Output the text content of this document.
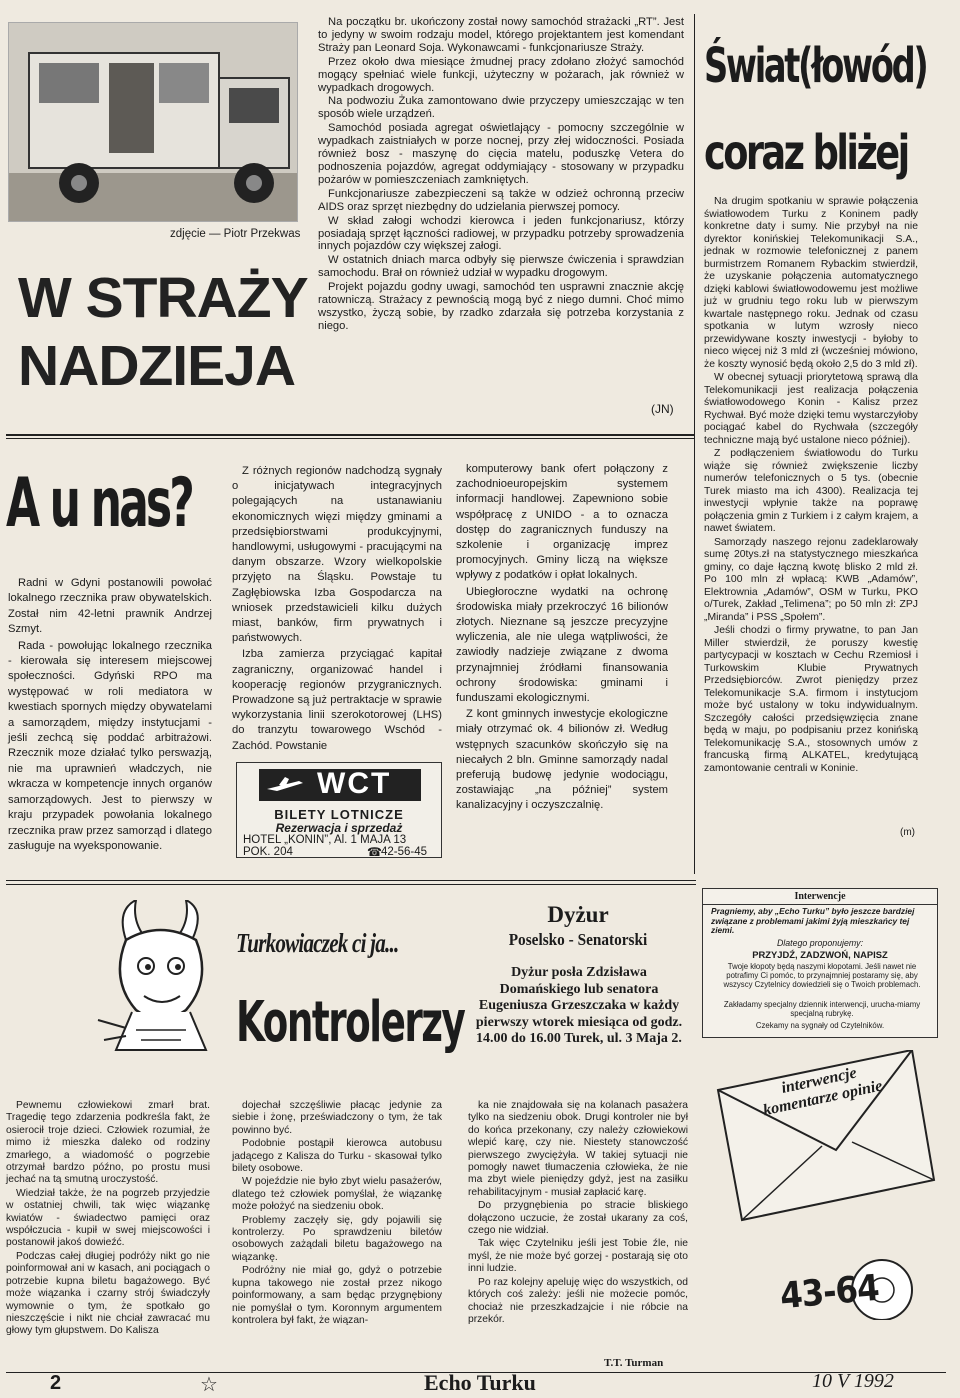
zdjęcie — Piotr Przekwas
W STRAŻY
NADZIEJA

Na początku br. ukończony został nowy samochód strażacki „RT”. Jest to jedyny w swoim rodzaju model, którego projektantem jest komendant Straży pan Leonard Soja. Wykonawcami - funkcjonariusze Straży.

Przez około dwa miesiące żmudnej pracy zdołano złożyć samochód mogący spełniać wiele funkcji, użyteczny w pożarach, jak również w wypadkach drogowych.

Na podwoziu Żuka zamontowano dwie przyczepy umieszczając w ten sposób wiele urządzeń.

Samochód posiada agregat oświetlający - pomocny szczególnie w wypadkach zaistniałych w porze nocnej, przy złej widoczności. Posiada również bosz - maszynę do cięcia matelu, poduszkę Vetera do podnoszenia pojazdów, agregat oddymiający - stosowany w przypadku pożarów w pomieszczeniach zamkniętych.

Funkcjonariusze zabezpieczeni są także w odzież ochronną przeciw AIDS oraz sprzęt niezbędny do udzielania pierwszej pomocy.

W skład załogi wchodzi kierowca i jeden funkcjonariusz, którzy posiadają sprzęt łączności radiowej, w przypadku potrzeby sprowadzenia innych pojazdów czy większej załogi.

W ostatnich dniach marca odbyły się pierwsze ćwiczenia i sprawdzian samochodu. Brał on również udział w wypadku drogowym.

Projekt pojazdu godny uwagi, samochód ten usprawni znacznie akcję ratowniczą. Strażacy z pewnością mogą być z niego dumni. Choć mimo wszystko, życzą sobie, by rzadko zdarzała się potrzeba korzystania z niego.

(JN)
Świat(łowód)
coraz bliżej

Na drugim spotkaniu w sprawie połączenia światłowodem Turku z Koninem padły konkretne daty i sumy. Nie przybył na nie dyrektor konińskiej Telekomunikacji S.A., jednak w rozmowie telefonicznej z panem burmistrzem Romanem Rybackim stwierdził, że uzyskanie połączenia automatycznego dzięki kablowi światłowodowemu jest możliwe już w grudniu tego roku lub w pierwszym kwartale następnego roku. Jednak od czasu spotkania w lutym wzrosły nieco przewidywane koszty inwestycji - byłoby to nieco więcej niż 3 mld zł (wcześniej mówiono, że koszty wynosić będą około 2,5 do 3 mld zł).

W obecnej sytuacji priorytetową sprawą dla Telekomunikacji jest realizacja połączenia światłowodowego Konin - Kalisz przez Rychwał. Być może dzięki temu wystarczyłoby pociągać kabel do Rychwała (szczegóły techniczne mają być ustalone nieco później).

Z podłączeniem światłowodu do Turku wiąże się również zwiększenie liczby numerów telefonicznych o 5 tys. (obecnie Turek miasto ma ich 4300). Realizacja tej inwestycji wpłynie także na poprawę połączenia gmin z Turkiem i z całym krajem, a nawet światem.

Samorządy naszego rejonu zadeklarowały sumę 20tys.zł na statystycznego mieszkańca gminy, co daje łączną kwotę blisko 2 mld zł. Po 100 mln zł wpłacą: KWB „Adamów”, Elektrownia „Adamów”, OSM w Turku, PKO o/Turek, Zakład „Telimena”; po 50 mln zł: ZPJ „Miranda” i PSS „Społem”.

Jeśli chodzi o firmy prywatne, to pan Jan Miller stwierdził, że poruszy kwestię partycypacji w kosztach w Cechu Rzemiosł i Turkowskim Klubie Prywatnych Przedsiębiorców. Zwrot pieniędzy przez Telekomunikacje S.A. firmom i instytucjom może być ustalony w toku indywidualnym. Szczegóły całości przedsięwzięcia znane będą w maju, po podpisaniu przez konińską Telekomunikację S.A., stosownych umów z francuską firmą ALKATEL, kredytującą zamontowanie centrali w Koninie.

(m)
A u nas?

Radni w Gdyni postanowili powołać lokalnego rzecznika praw obywatelskich. Został nim 42-letni prawnik Andrzej Szmyt.

Rada - powołując lokalnego rzecznika - kierowała się interesem miejscowej społeczności. Gdyński RPO ma występować w roli mediatora w kwestiach spornych między obywatelami a samorządem, między instytucjami - jeśli zechcą się poddać arbitrażowi. Rzecznik moze działać tylko perswazją, nie ma uprawnień władczych, nie wkracza w kompetencje innych organów samorządowych. Jest to pierwszy w kraju przypadek powołania lokalnego rzecznika praw przez samorząd i dlatego zasługuje na wyeksponowanie.

Z różnych regionów nadchodzą sygnały o inicjatywach integracyjnych polegających na ustanawianiu ekonomicznych więzi między gminami a przedsiębiorstwami produkcyjnymi, handlowymi, usługowymi - pracującymi na danym obszarze. Wzory wielkopolskie przyjęto na Śląsku. Powstaje tu Zagłębiowska Izba Gospodarcza na wniosek przedstawicieli kilku dużych miast, banków, firm prywatnych i państwowych.

Izba zamierza przyciągać kapitał zagraniczny, organizować handel i kooperację regionów przygranicznych. Prowadzone są już pertraktacje w sprawie wykorzystania linii szerokotorowej (LHS) do tranzytu towarowego Wschód - Zachód. Powstanie

komputerowy bank ofert połączony z zachodnioeuropejskim systemem informacji handlowej. Zapewniono sobie współpracę z UNIDO - a to oznacza dostęp do zagranicznych funduszy na szkolenie i organizację imprez promocyjnych. Gminy liczą na większe wpływy z podatków i opłat lokalnych.

Ubiegłoroczne wydatki na ochronę środowiska miały przekroczyć 16 bilionów złotych. Nieznane są jeszcze precyzyjne wyliczenia, ale nie ulega wątpliwości, że zawiodły nadzieje związane z dwoma przynajmniej źródłami finansowania ochrony środowiska: gminami i funduszami ekologicznymi.

Z kont gminnych inwestycje ekologiczne miały otrzymać ok. 4 bilionów zł. Według wstępnych szacunków skończyło się na niecałych 2 bln. Gminne samorządy nadal preferują budowę jedynie wodociągu, zostawiając „na później” system kanalizacyjny i oczyszczalnię.

WCT
BILETY LOTNICZE
Rezerwacja i sprzedaż
HOTEL „KONIN”, Al. 1 MAJA 13
POK. 204	☎ 42-56-45
Turkowiaczek ci ja...
Kontrolerzy
Dyżur
Poselsko - Senatorski
Dyżur posła Zdzisława Domańskiego lub senatora Eugeniusza Grzeszczaka w każdy pierwszy wtorek miesiąca od godz. 14.00 do 16.00 Turek, ul. 3 Maja 2.
Interwencje
Pragniemy, aby „Echo Turku” było jeszcze bardziej związane z problemami jakimi żyją mieszkańcy tej ziemi.
Dlatego proponujemy:
PRZYJDŹ, ZADZWOŃ, NAPISZ
Twoje kłopoty będą naszymi kłopotami. Jeśli nawet nie potrafimy Ci pomóc, to przynajmniej postaramy się, aby wszyscy Czytelnicy dowiedzieli się o Twoich problemach.
Zakładamy specjalny dziennik interwencji, urucha-miamy specjalną rubrykę.
Czekamy na sygnały od Czytelników.
interwencje komentarze opinie
43-64

Pewnemu człowiekowi zmarł brat. Tragedię tego zdarzenia podkreśla fakt, że osierocił troje dzieci. Człowiek rozumiał, że mimo iż mieszka daleko od rodziny zmarłego, a wiadomość o pogrzebie otrzymał bardzo późno, po prostu musi jechać na tą smutną uroczystość.

Wiedział także, że na pogrzeb przyjedzie w ostatniej chwili, tak więc wiązankę kwiatów - świadectwo pamięci oraz współczucia - kupił w swej miejscowości i postanowił jakoś dowieźć.

Podczas całej długiej podróży nikt go nie poinformował ani w kasach, ani pociągach o potrzebie kupna biletu bagażowego. Być może wiązanka i czarny strój świadczyły wymownie o tym, że spotkało go nieszczęście i nikt nie chciał zawracać mu głowy tym głupstwem. Do Kalisza

dojechał szczęśliwie płacąc jedynie za siebie i żonę, przeświadczony o tym, że tak powinno być.

Podobnie postąpił kierowca autobusu jadącego z Kalisza do Turku - skasował tylko bilety osobowe.

W pojeździe nie było zbyt wielu pasażerów, dlatego też człowiek pomyślał, że wiązankę może położyć na siedzeniu obok.

Problemy zaczęły się, gdy pojawili się kontrolerzy. Po sprawdzeniu biletów osobowych zażądali biletu bagażowego na wiązankę.

Podróżny nie miał go, gdyż o potrzebie kupna takowego nie został przez nikogo poinformowany, a sam będąc przygnębiony nie pomyślał o tym. Koronnym argumentem kontrolera był fakt, że wiązan-

ka nie znajdowała się na kolanach pasażera tylko na siedzeniu obok. Drugi kontroler nie był do końca przekonany, czy należy człowiekowi wlepić karę, czy nie. Niestety stanowczość pierwszego zwyciężyła. W takiej sytuacji nie pomogły nawet tłumaczenia człowieka, że nie ma zbyt wiele pieniędzy gdyż, jest na zasiłku rehabilitacyjnym - musiał zapłacić karę.

Do przygnębienia po stracie bliskiego dołączono uczucie, że został ukarany za coś, czego nie widział.

Tak więc Czytelniku jeśli jest Tobie źle, nie myśl, że nie może być gorzej - postarają się oto inni ludzie.

Po raz kolejny apeluję więc do wszystkich, od których coś zależy: jeśli nie możecie pomóc, chociaż nie przeszkadzajcie i nie róbcie na przekór.

T.T. Turman
2	☆	Echo Turku	10 V 1992
